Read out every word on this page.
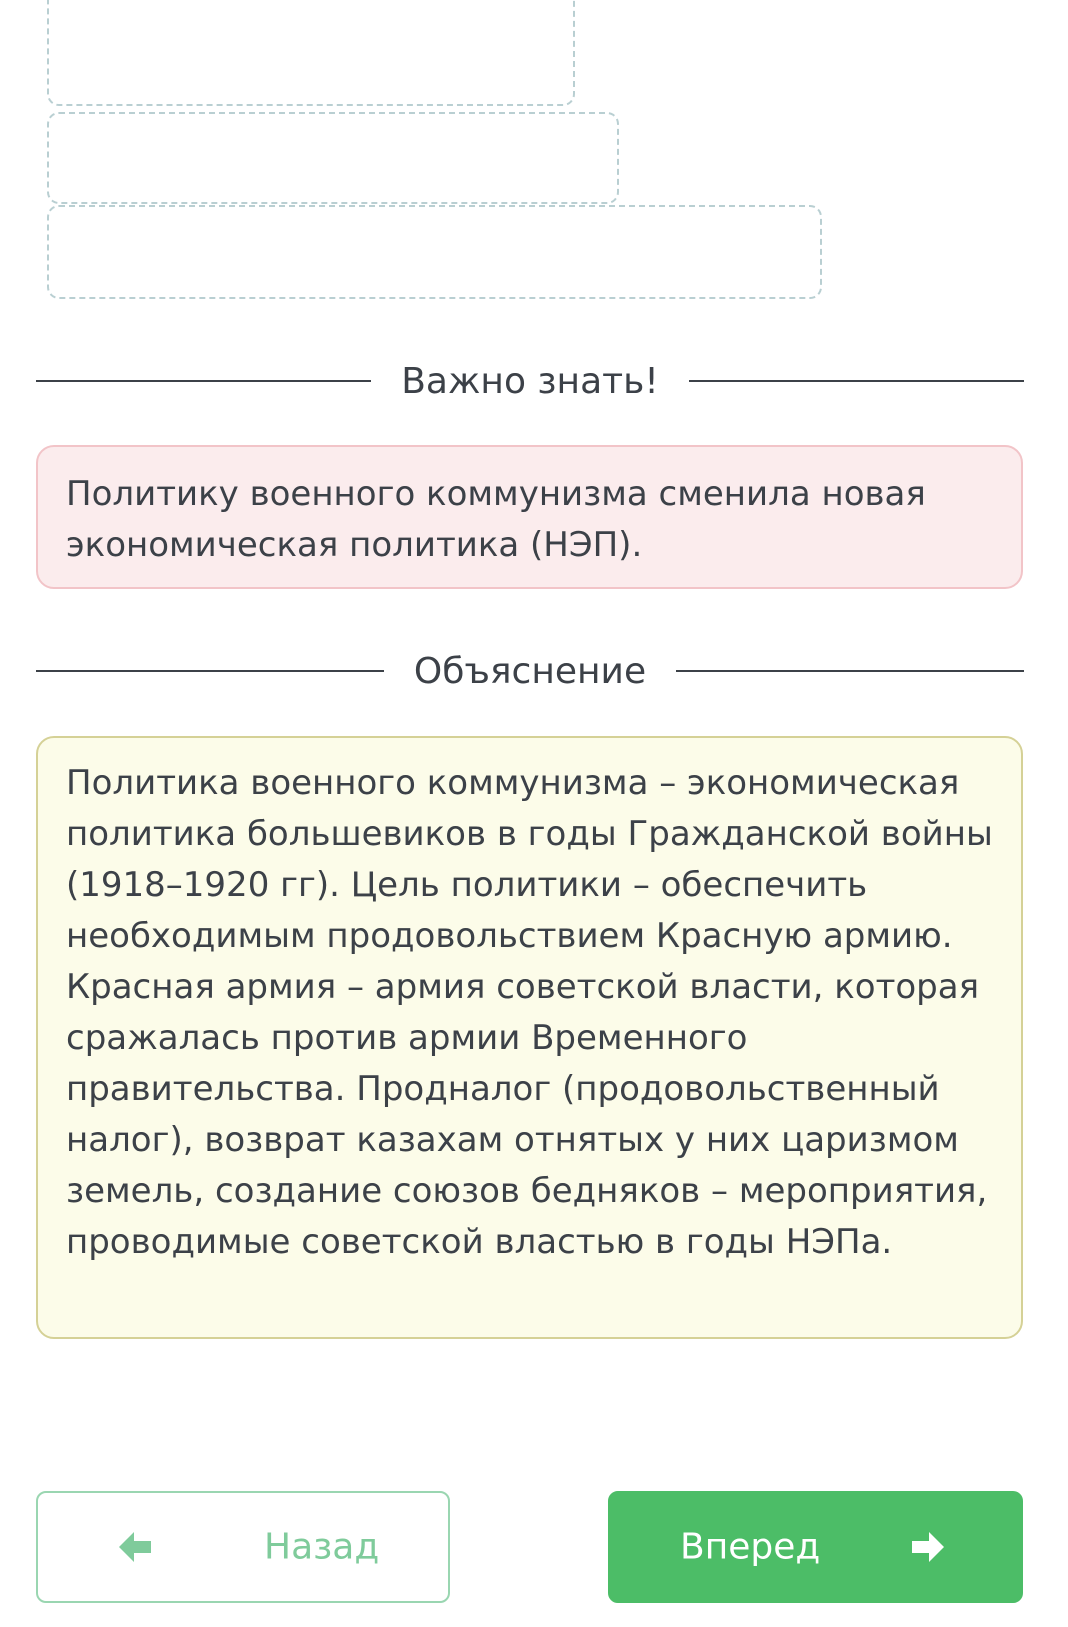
Важно знать!
Политику военного коммунизма сменила новая экономическая политика (НЭП).
Объяснение
Политика военного коммунизма – экономическая политика большевиков в годы Гражданской войны (1918–1920 гг). Цель политики – обеспечить необходимым продовольствием Красную армию. Красная армия – армия советской власти, которая сражалась против армии Временного правительства. Продналог (продовольственный налог), возврат казахам отнятых у них царизмом земель, создание союзов бедняков – мероприятия, проводимые советской властью в годы НЭПа.
Назад	Вперед
